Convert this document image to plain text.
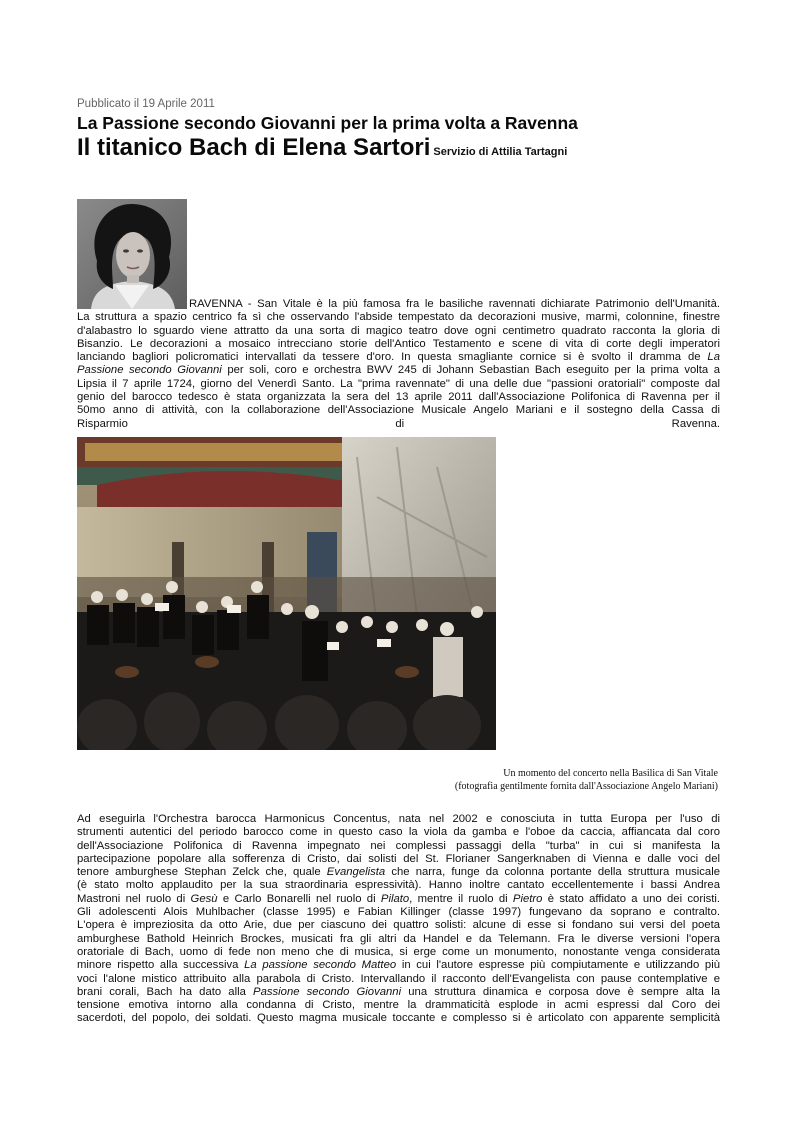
Pubblicato il 19 Aprile 2011
La Passione secondo Giovanni per la prima volta a Ravenna
Il titanico Bach di Elena Sartori Servizio di Attilia Tartagni
RAVENNA - San Vitale è la più famosa fra le basiliche ravennati dichiarate Patrimonio dell'Umanità.
La struttura a spazio centrico fa sì che osservando l'abside tempestato da decorazioni musive, marmi, colonnine, finestre
d'alabastro lo sguardo viene attratto da una sorta di magico teatro dove ogni centimetro quadrato racconta la gloria di
Bisanzio. Le decorazioni a mosaico intrecciano storie dell'Antico Testamento e scene di vita di corte degli imperatori
lanciando bagliori policromatici intervallati da tessere d'oro. In questa smagliante cornice si è svolto il dramma de La
Passione secondo Giovanni per soli, coro e orchestra BWV 245 di Johann Sebastian Bach eseguito per la prima volta a
Lipsia il 7 aprile 1724, giorno del Venerdì Santo. La "prima ravennate" di una delle due "passioni oratoriali" composte dal
genio del barocco tedesco è stata organizzata la sera del 13 aprile 2011 dall'Associazione Polifonica di Ravenna per il
50mo anno di attività, con la collaborazione dell'Associazione Musicale Angelo Mariani e il sostegno della Cassa di
Risparmio	di	Ravenna.
Un momento del concerto nella Basilica di San Vitale
(fotografia gentilmente fornita dall'Associazione Angelo Mariani)
Ad eseguirla l'Orchestra barocca Harmonicus Concentus, nata nel 2002 e conosciuta in tutta Europa per l'uso di
strumenti autentici del periodo barocco come in questo caso la viola da gamba e l'oboe da caccia, affiancata dal coro
dell'Associazione Polifonica di Ravenna impegnato nei complessi passaggi della "turba" in cui si manifesta la
partecipazione popolare alla sofferenza di Cristo, dai solisti del St. Florianer Sangerknaben di Vienna e dalle voci del
tenore amburghese Stephan Zelck che, quale Evangelista che narra, funge da colonna portante della struttura musicale
(è stato molto applaudito per la sua straordinaria espressività). Hanno inoltre cantato eccellentemente i bassi Andrea
Mastroni nel ruolo di Gesù e Carlo Bonarelli nel ruolo di Pilato, mentre il ruolo di Pietro è stato affidato a uno dei coristi.
Gli adolescenti Alois Muhlbacher (classe 1995) e Fabian Killinger (classe 1997) fungevano da soprano e contralto.
L'opera è impreziosita da otto Arie, due per ciascuno dei quattro solisti: alcune di esse si fondano sui versi del poeta
amburghese Bathold Heinrich Brockes, musicati fra gli altri da Handel e da Telemann. Fra le diverse versioni l'opera
oratoriale di Bach, uomo di fede non meno che di musica, si erge come un monumento, nonostante venga considerata
minore rispetto alla successiva La passione secondo Matteo in cui l'autore espresse più compiutamente e utilizzando più
voci l'alone mistico attribuito alla parabola di Cristo. Intervallando il racconto dell'Evangelista con pause contemplative e
brani corali, Bach ha dato alla Passione secondo Giovanni una struttura dinamica e corposa dove è sempre alta la
tensione emotiva intorno alla condanna di Cristo, mentre la drammaticità esplode in acmi espressi dal Coro dei
sacerdoti, del popolo, dei soldati. Questo magma musicale toccante e complesso si è articolato con apparente semplicità
